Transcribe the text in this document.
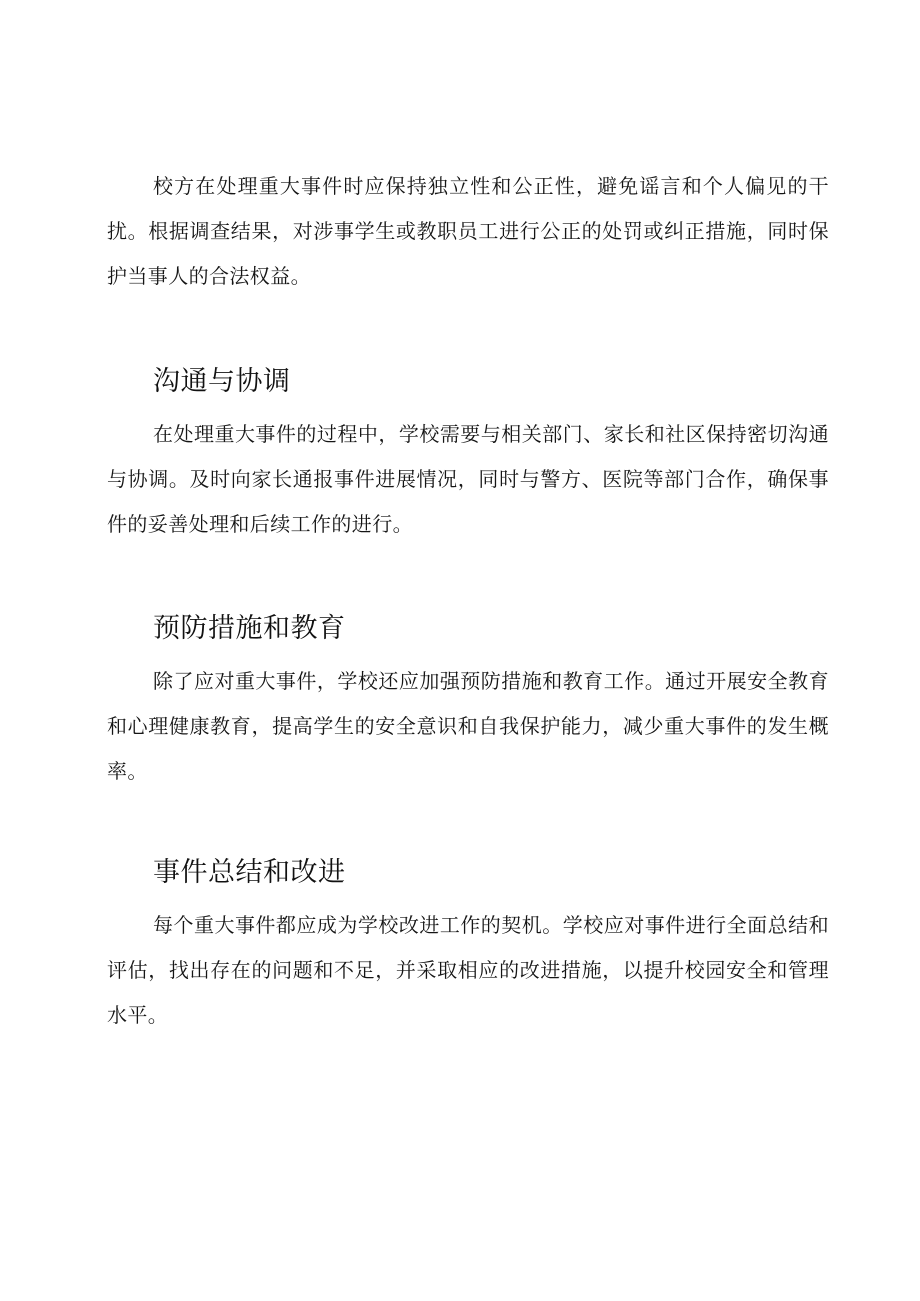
校方在处理重大事件时应保持独立性和公正性，避免谣言和个人偏见的干扰。根据调查结果，对涉事学生或教职员工进行公正的处罚或纠正措施，同时保护当事人的合法权益。

沟通与协调

在处理重大事件的过程中，学校需要与相关部门、家长和社区保持密切沟通与协调。及时向家长通报事件进展情况，同时与警方、医院等部门合作，确保事件的妥善处理和后续工作的进行。

预防措施和教育

除了应对重大事件，学校还应加强预防措施和教育工作。通过开展安全教育和心理健康教育，提高学生的安全意识和自我保护能力，减少重大事件的发生概率。

事件总结和改进

每个重大事件都应成为学校改进工作的契机。学校应对事件进行全面总结和评估，找出存在的问题和不足，并采取相应的改进措施，以提升校园安全和管理水平。
